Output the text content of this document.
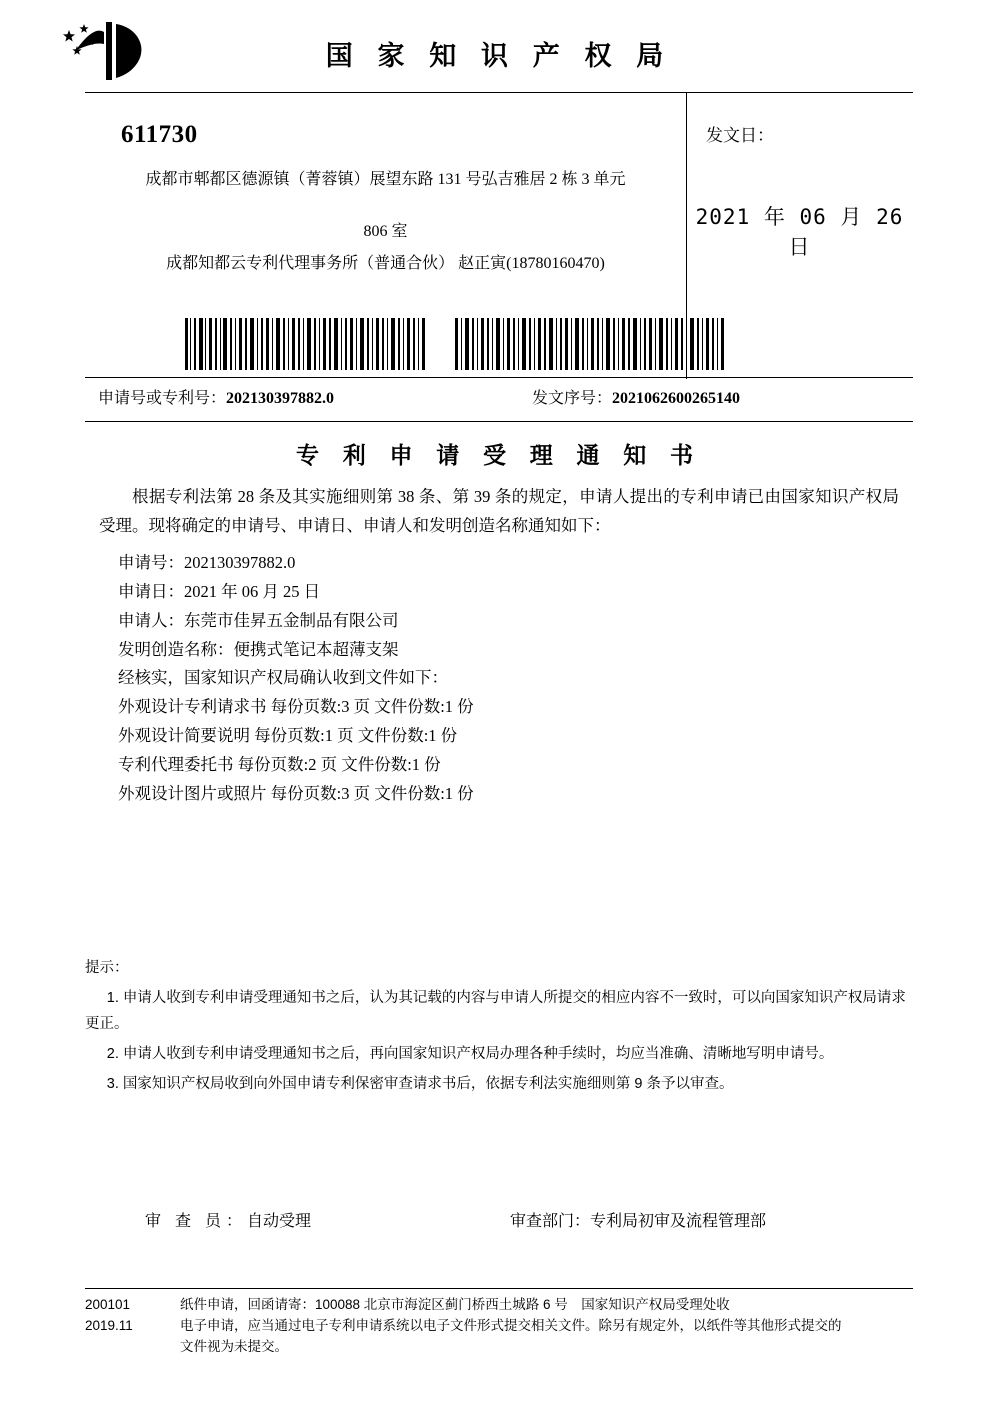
国 家 知 识 产 权 局
611730
成都市郫都区德源镇（菁蓉镇）展望东路 131 号弘吉雅居 2 栋 3 单元
806 室
成都知都云专利代理事务所（普通合伙） 赵正寅(18780160470)
发文日：
2021 年 06 月 26 日
申请号或专利号：202130397882.0	发文序号：2021062600265140
专 利 申 请 受 理 通 知 书
根据专利法第 28 条及其实施细则第 38 条、第 39 条的规定，申请人提出的专利申请已由国家知识产权局受理。现将确定的申请号、申请日、申请人和发明创造名称通知如下：
申请号：202130397882.0
申请日：2021 年 06 月 25 日
申请人：东莞市佳昇五金制品有限公司
发明创造名称：便携式笔记本超薄支架
经核实，国家知识产权局确认收到文件如下：
外观设计专利请求书 每份页数:3 页 文件份数:1 份
外观设计简要说明 每份页数:1 页 文件份数:1 份
专利代理委托书 每份页数:2 页 文件份数:1 份
外观设计图片或照片 每份页数:3 页 文件份数:1 份
提示：
1. 申请人收到专利申请受理通知书之后，认为其记载的内容与申请人所提交的相应内容不一致时，可以向国家知识产权局请求更正。
2. 申请人收到专利申请受理通知书之后，再向国家知识产权局办理各种手续时，均应当准确、清晰地写明申请号。
3. 国家知识产权局收到向外国申请专利保密审查请求书后，依据专利法实施细则第 9 条予以审查。
审 查 员：自动受理	审查部门：专利局初审及流程管理部
200101
2019.11
纸件申请，回函请寄：100088 北京市海淀区蓟门桥西土城路 6 号　国家知识产权局受理处收
电子申请，应当通过电子专利申请系统以电子文件形式提交相关文件。除另有规定外，以纸件等其他形式提交的
文件视为未提交。
